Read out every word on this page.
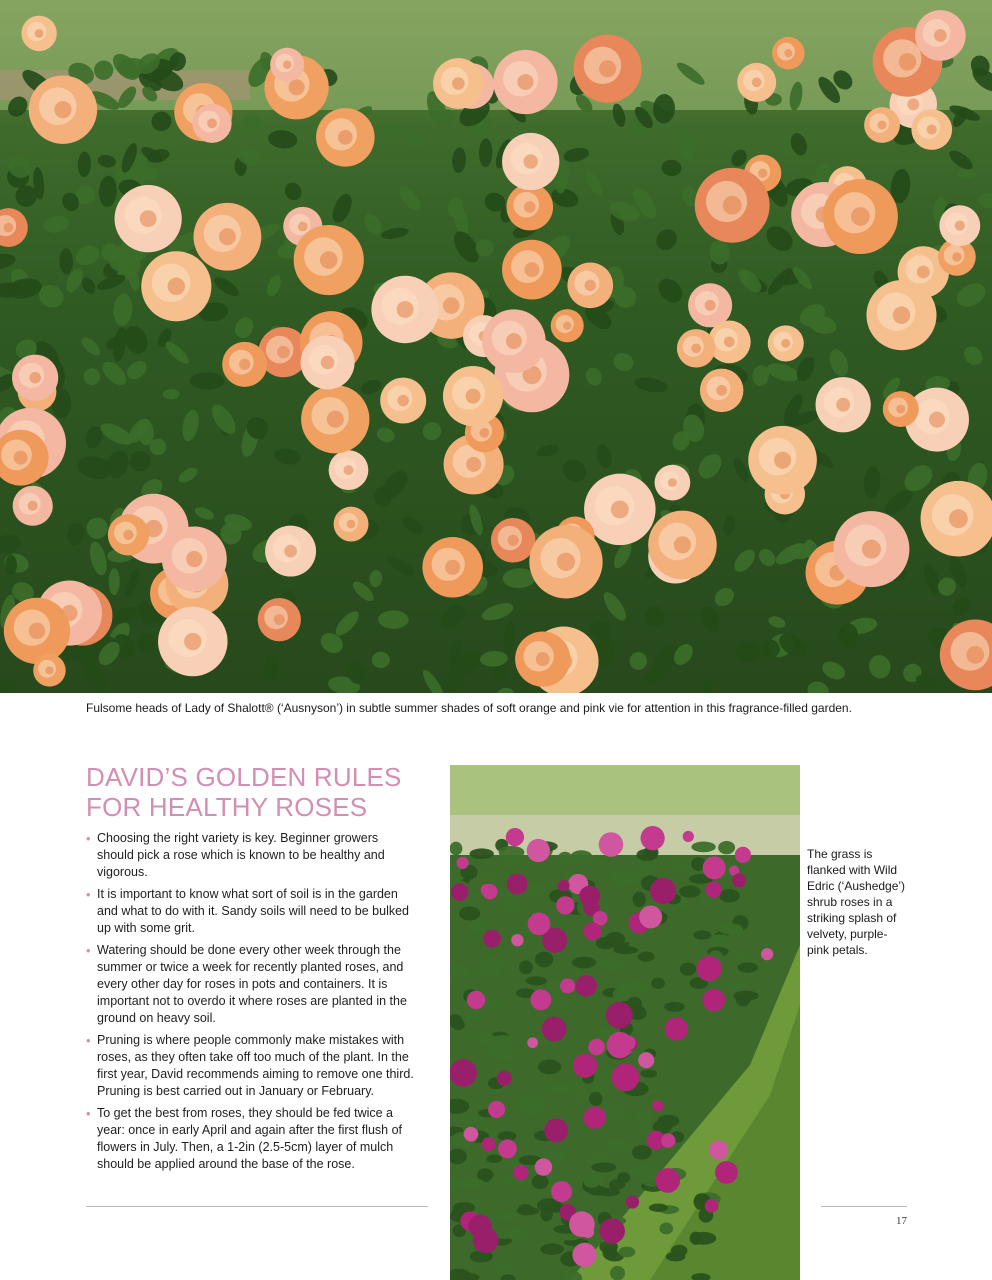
Fulsome heads of Lady of Shalott® (‘Ausnyson’) in subtle summer shades of soft orange and pink vie for attention in this fragrance-filled garden.
DAVID’S GOLDEN RULES
FOR HEALTHY ROSES
• Choosing the right variety is key. Beginner growers should pick a rose which is known to be healthy and vigorous.
• It is important to know what sort of soil is in the garden and what to do with it. Sandy soils will need to be bulked up with some grit.
• Watering should be done every other week through the summer or twice a week for recently planted roses, and every other day for roses in pots and containers. It is important not to overdo it where roses are planted in the ground on heavy soil.
• Pruning is where people commonly make mistakes with roses, as they often take off too much of the plant. In the first year, David recommends aiming to remove one third. Pruning is best carried out in January or February.
• To get the best from roses, they should be fed twice a year: once in early April and again after the first flush of flowers in July. Then, a 1-2in (2.5-5cm) layer of mulch should be applied around the base of the rose.
The grass is flanked with Wild Edric (‘Aushedge’) shrub roses in a striking splash of velvety, purple-pink petals.
17
